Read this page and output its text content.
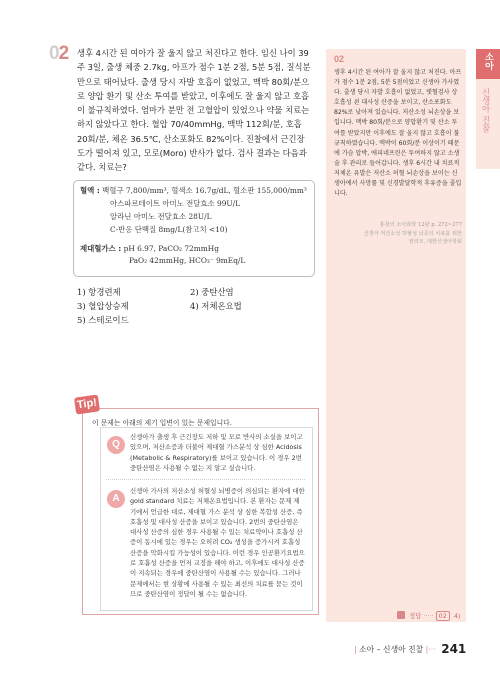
02 생후 4시간 된 여아가 잘 울지 않고 처진다고 한다. 임신 나이 39주 3일, 출생 체중 2.7kg, 아프가 점수 1분 2점, 5분 5점, 질식분만으로 태어났다. 출생 당시 자발 호흡이 없었고, 맥박 80회/분으로 양압 환기 및 산소 투여를 받았고, 이후에도 잘 울지 않고 호흡이 불규칙하였다. 엄마가 분만 전 고혈압이 있었으나 약물 치료는 하지 않았다고 한다. 혈압 70/40mmHg, 맥박 112회/분, 호흡 20회/분, 체온 36.5℃, 산소포화도 82%이다. 진찰에서 근긴장도가 떨어져 있고, 모로(Moro) 반사가 없다. 검사 결과는 다음과 같다. 치료는?
혈액 : 백혈구 7,800/mm³, 혈색소 16.7g/dL, 혈소판 155,000/mm³
아스파르테이트 아미노 전달효소 99U/L
알라닌 아미노 전달효소 28U/L
C-반응 단백질 8mg/L(참고치 <10)
제대혈가스 : pH 6.97, PaCO₂ 72mmHg
PaO₂ 42mmHg, HCO₃⁻ 9mEq/L
1) 항경련제	2) 중탄산염
3) 혈압상승제	4) 저체온요법
5) 스테로이드
02
생후 4시간 된 여아가 잘 울지 않고 처진다. 아프가 점수 1분 2점, 5분 5점이었고 신생아 가사였다. 출생 당시 자발 호흡이 없었고, 탯혈검사 상 호흡성 쇤 대사성 산증을 보이고, 산소포화도 82%로 낮아져 있습니다. 저산소성 뇌손상을 보입니다. 맥박 80회/분으로 양압환기 및 산소 투여를 받았지만 이후에도 잘 울지 않고 호흡이 불규칙하였습니다. 맥박이 60회/분 이상이기 때문에 가슴 압박, 에피네프린은 투여하지 않고 소생술 후 관리로 들어갑니다. 생후 6시간 내 치료적 저체온 유발은 저산소 허혈 뇌손상을 보이는 신생아에서 사망률 및 신경발달학적 후유증을 줄입니다.
홍창의 소아과학 12판 p. 272~277
신생아 저산소성 허혈성 뇌증의 치료를 위한
권리모, 대한신생아학회
정답 ····· 02 4)
소아
신생아 진찰
Tip!
이 문제는 아래의 제기 입변이 있는 문제입니다.
Q
신생아가 출생 후 근긴장도 저하 및 모로 반사의 소실을 보이고 있으며, 저산소증과 더불어 제대혈 가스분석 상 심한 Acidosis (Metabolic & Respiratory)를 보이고 있습니다. 이 경우 2번 중탄산염은 사용될 수 없는 지 알고 싶습니다.
A
신생아 가사의 저산소성 허혈성 뇌병증이 의심되는 환자에 대한 gold standard 치료는 저체온요법입니다. 본 환자는 문제 제기에서 언급한 대로, 제대혈 가스 분석 상 심한 복합성 산증, 즉 호흡성 및 대사성 산증을 보이고 있습니다. 2번의 중탄산염은 대사성 산증의 심한 경우 사용될 수 있는 치료약이나 호흡성 산증이 동시에 있는 경우는 오히려 CO₂ 생성을 증가시켜 호흡성 산증을 악화시킬 가능성이 있습니다. 이런 경우 인공환기요법으로 호흡성 산증을 먼저 교정을 해야 하고, 이후에도 대사성 산증이 지속되는 경우에 중탄산염이 사용될 수는 있습니다. 그러나 문제에서는 현 상황에 사용될 수 있는 최선의 치료를 묻는 것이므로 중탄산염이 정답이 될 수는 없습니다.
| 소아 – 신생아 진찰 |··· 241
